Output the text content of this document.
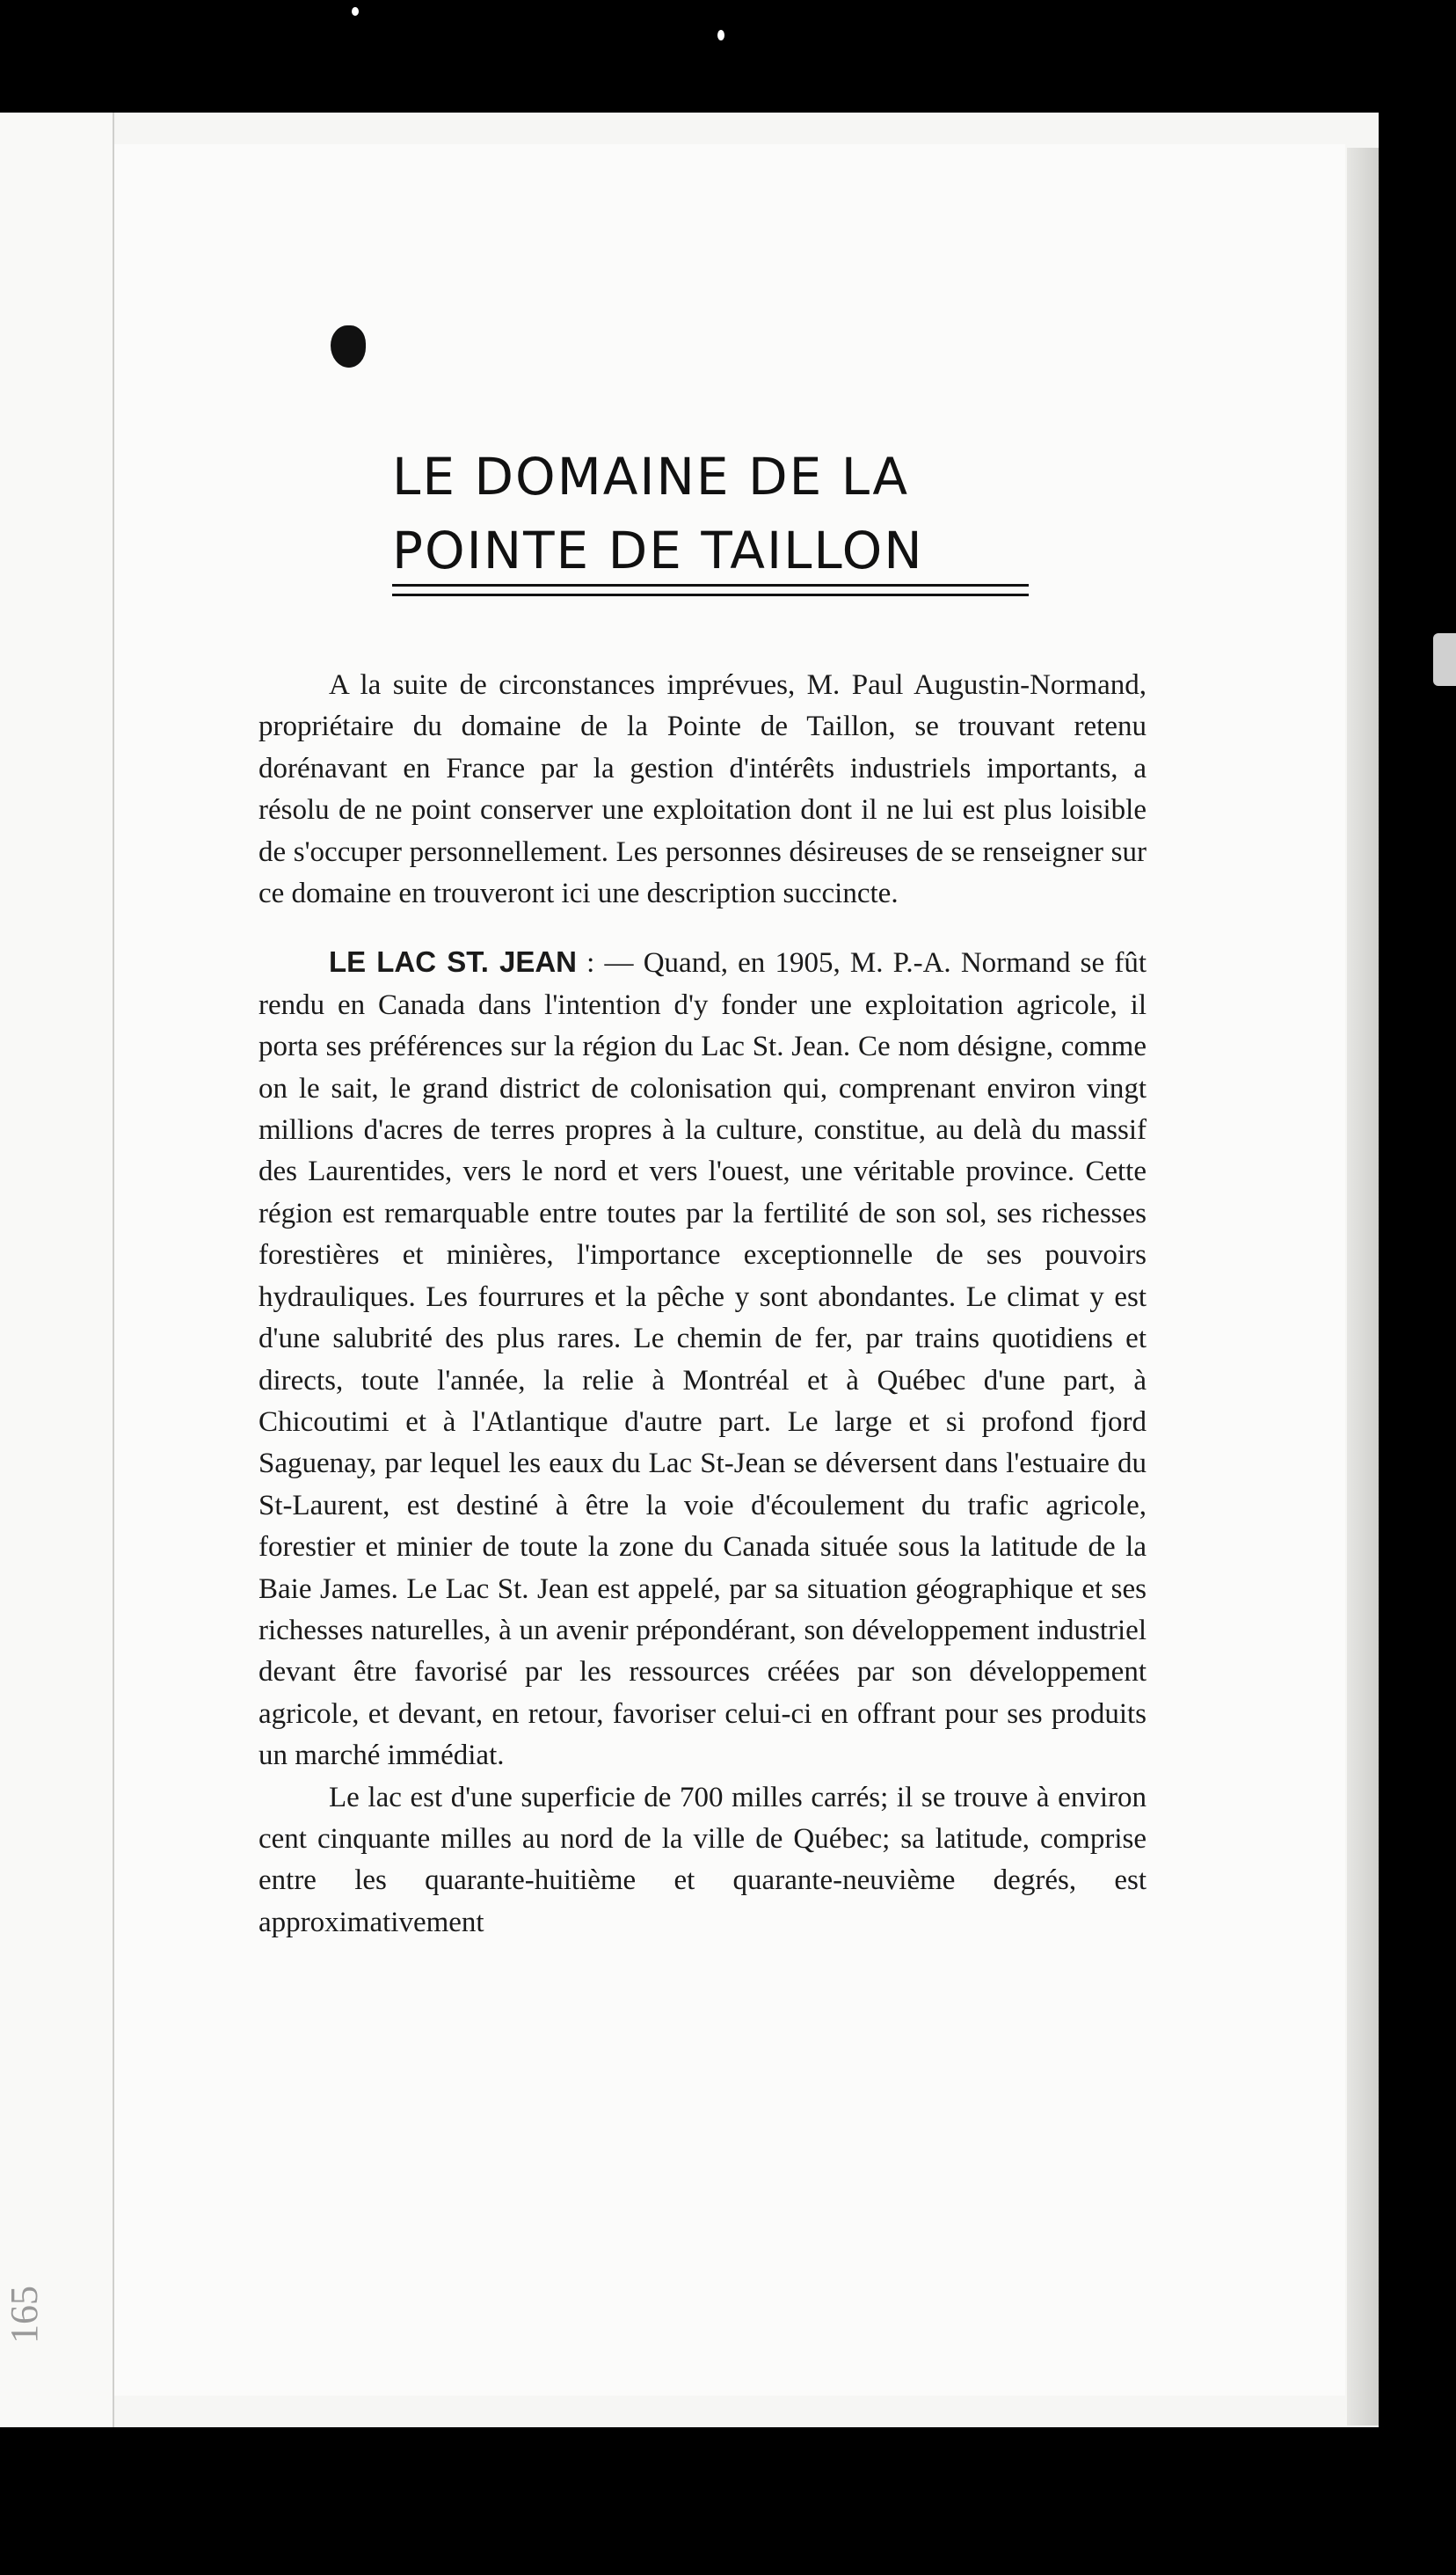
LE DOMAINE DE LA
POINTE DE TAILLON

A la suite de circonstances imprévues, M. Paul Augustin-Normand, propriétaire du domaine de la Pointe de Taillon, se trouvant retenu dorénavant en France par la gestion d'intérêts industriels importants, a résolu de ne point conserver une exploitation dont il ne lui est plus loisible de s'occuper personnellement. Les personnes désireuses de se renseigner sur ce domaine en trouveront ici une description succincte.

LE LAC ST. JEAN : — Quand, en 1905, M. P.-A. Normand se fût rendu en Canada dans l'intention d'y fonder une exploitation agricole, il porta ses préférences sur la région du Lac St. Jean. Ce nom désigne, comme on le sait, le grand district de colonisation qui, comprenant environ vingt millions d'acres de terres propres à la culture, constitue, au delà du massif des Laurentides, vers le nord et vers l'ouest, une véritable province. Cette région est remarquable entre toutes par la fertilité de son sol, ses richesses forestières et minières, l'importance exceptionnelle de ses pouvoirs hydrauliques. Les fourrures et la pêche y sont abondantes. Le climat y est d'une salubrité des plus rares. Le chemin de fer, par trains quotidiens et directs, toute l'année, la relie à Montréal et à Québec d'une part, à Chicoutimi et à l'Atlantique d'autre part. Le large et si profond fjord Saguenay, par lequel les eaux du Lac St-Jean se déversent dans l'estuaire du St-Laurent, est destiné à être la voie d'écoulement du trafic agricole, forestier et minier de toute la zone du Canada située sous la latitude de la Baie James. Le Lac St. Jean est appelé, par sa situation géographique et ses richesses naturelles, à un avenir prépondérant, son développement industriel devant être favorisé par les ressources créées par son développement agricole, et devant, en retour, favoriser celui-ci en offrant pour ses produits un marché immédiat.

Le lac est d'une superficie de 700 milles carrés; il se trouve à environ cent cinquante milles au nord de la ville de Québec; sa latitude, comprise entre les quarante-huitième et quarante-neuvième degrés, est approximativement

165
